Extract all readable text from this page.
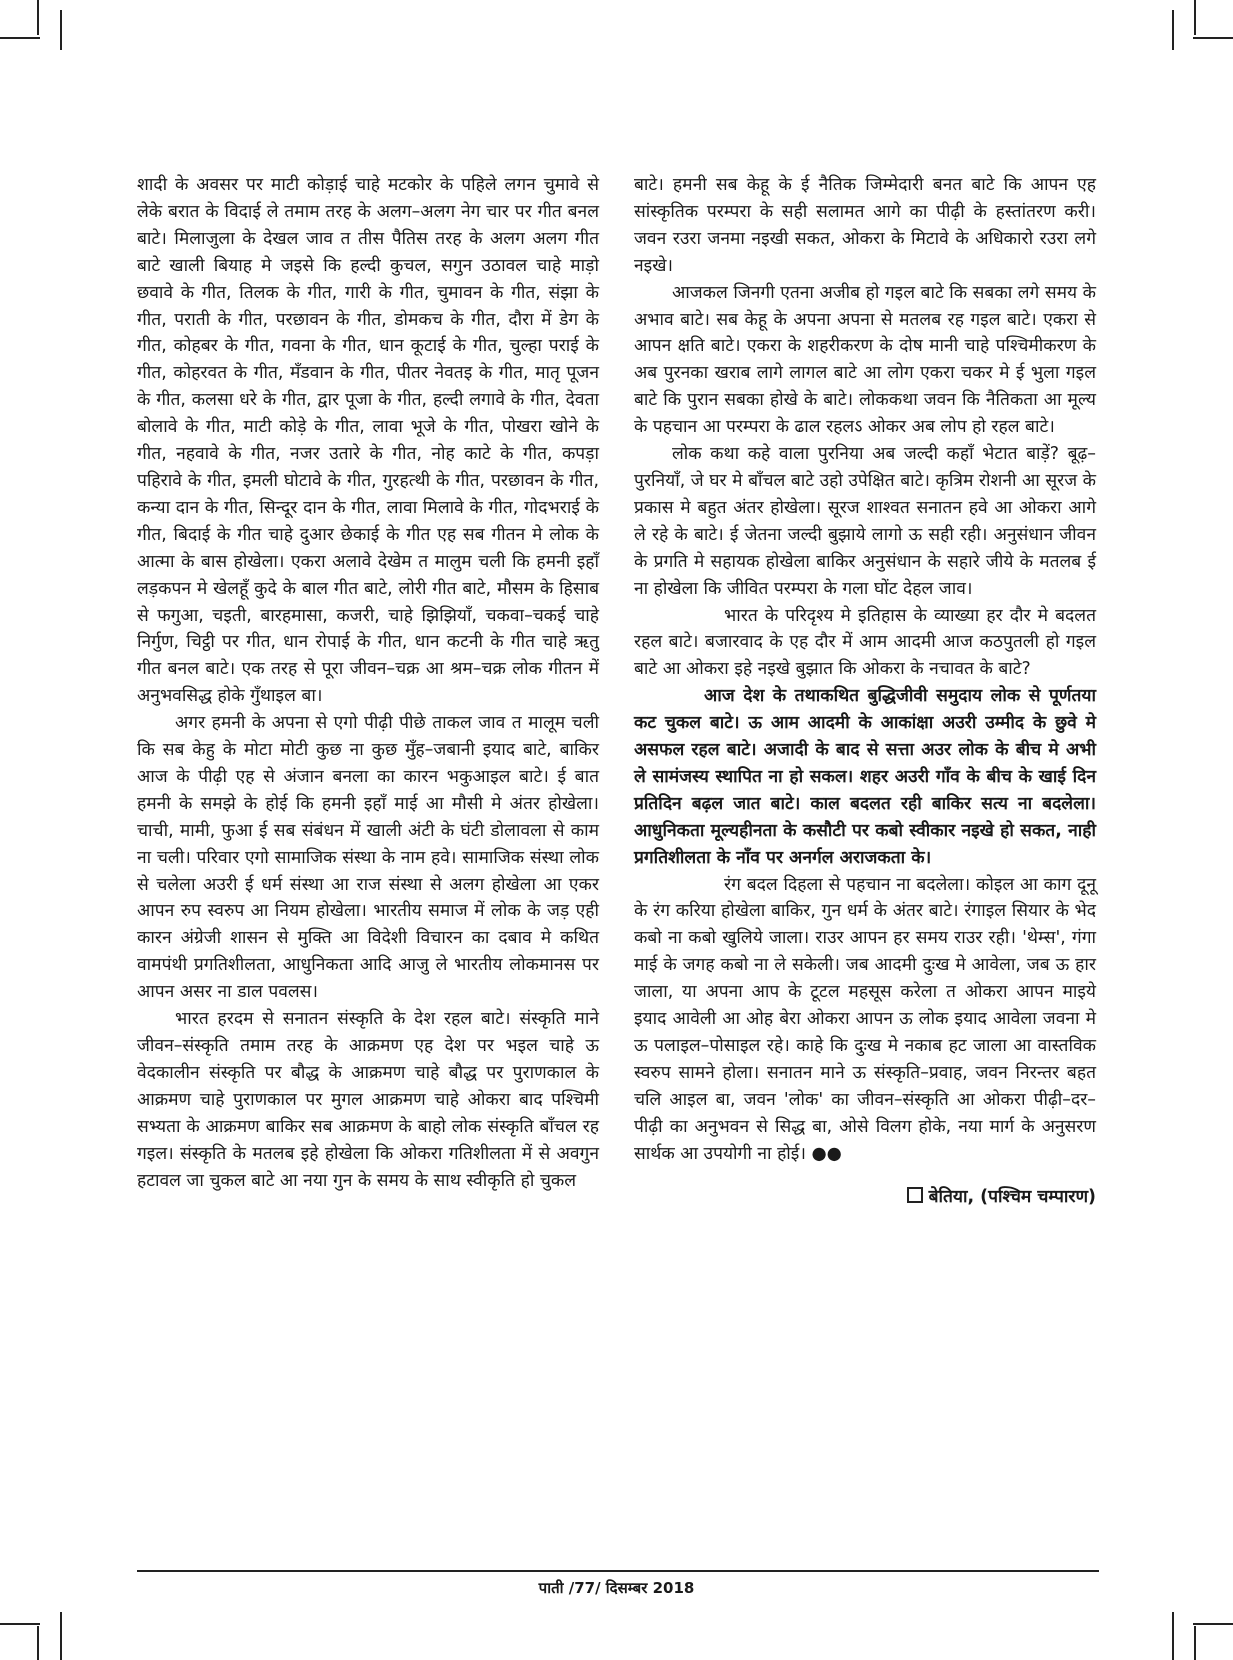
शादी के अवसर पर माटी कोड़ाई चाहे मटकोर के पहिले लगन चुमावे से लेके बरात के विदाई ले तमाम तरह के अलग–अलग नेग चार पर गीत बनल बाटे। मिलाजुला के देखल जाव त तीस पैतिस तरह के अलग अलग गीत बाटे खाली बियाह मे जइसे कि हल्दी कुचल, सगुन उठावल चाहे माड़ो छवावे के गीत, तिलक के गीत, गारी के गीत, चुमावन के गीत, संझा के गीत, पराती के गीत, परछावन के गीत, डोमकच के गीत, दौरा में डेग के गीत, कोहबर के गीत, गवना के गीत, धान कूटाई के गीत, चुल्हा पराई के गीत, कोहरवत के गीत, मँडवान के गीत, पीतर नेवतइ के गीत, मातृ पूजन के गीत, कलसा धरे के गीत, द्वार पूजा के गीत, हल्दी लगावे के गीत, देवता बोलावे के गीत, माटी कोड़े के गीत, लावा भूजे के गीत, पोखरा खोने के गीत, नहवावे के गीत, नजर उतारे के गीत, नोह काटे के गीत, कपड़ा पहिरावे के गीत, इमली घोटावे के गीत, गुरहत्थी के गीत, परछावन के गीत, कन्या दान के गीत, सिन्दूर दान के गीत, लावा मिलावे के गीत, गोदभराई के गीत, बिदाई के गीत चाहे दुआर छेकाई के गीत एह सब गीतन मे लोक के आत्मा के बास होखेला। एकरा अलावे देखेम त मालुम चली कि हमनी इहाँ लड़कपन मे खेलहूँ कुदे के बाल गीत बाटे, लोरी गीत बाटे, मौसम के हिसाब से फगुआ, चइती, बारहमासा, कजरी, चाहे झिझियाँ, चकवा–चकई चाहे निर्गुण, चिट्ठी पर गीत, धान रोपाई के गीत, धान कटनी के गीत चाहे ऋतु गीत बनल बाटे। एक तरह से पूरा जीवन–चक्र आ श्रम–चक्र लोक गीतन में अनुभवसिद्ध होके गुँथाइल बा।

अगर हमनी के अपना से एगो पीढ़ी पीछे ताकल जाव त मालूम चली कि सब केहु के मोटा मोटी कुछ ना कुछ मुँह–जबानी इयाद बाटे, बाकिर आज के पीढ़ी एह से अंजान बनला का कारन भकुआइल बाटे। ई बात हमनी के समझे के होई कि हमनी इहाँ माई आ मौसी मे अंतर होखेला। चाची, मामी, फुआ ई सब संबंधन में खाली अंटी के घंटी डोलावला से काम ना चली। परिवार एगो सामाजिक संस्था के नाम हवे। सामाजिक संस्था लोक से चलेला अउरी ई धर्म संस्था आ राज संस्था से अलग होखेला आ एकर आपन रुप स्वरुप आ नियम होखेला। भारतीय समाज में लोक के जड़ एही कारन अंग्रेजी शासन से मुक्ति आ विदेशी विचारन का दबाव मे कथित वामपंथी प्रगतिशीलता, आधुनिकता आदि आजु ले भारतीय लोकमानस पर आपन असर ना डाल पवलस।

भारत हरदम से सनातन संस्कृति के देश रहल बाटे। संस्कृति माने जीवन–संस्कृति तमाम तरह के आक्रमण एह देश पर भइल चाहे ऊ वेदकालीन संस्कृति पर बौद्ध के आक्रमण चाहे बौद्ध पर पुराणकाल के आक्रमण चाहे पुराणकाल पर मुगल आक्रमण चाहे ओकरा बाद पश्चिमी सभ्यता के आक्रमण बाकिर सब आक्रमण के बाहो लोक संस्कृति बाँचल रह गइल। संस्कृति के मतलब इहे होखेला कि ओकरा गतिशीलता में से अवगुन हटावल जा चुकल बाटे आ नया गुन के समय के साथ स्वीकृति हो चुकल

बाटे। हमनी सब केहू के ई नैतिक जिम्मेदारी बनत बाटे कि आपन एह सांस्कृतिक परम्परा के सही सलामत आगे का पीढ़ी के हस्तांतरण करी। जवन रउरा जनमा नइखी सकत, ओकरा के मिटावे के अधिकारो रउरा लगे नइखे।

आजकल जिनगी एतना अजीब हो गइल बाटे कि सबका लगे समय के अभाव बाटे। सब केहू के अपना अपना से मतलब रह गइल बाटे। एकरा से आपन क्षति बाटे। एकरा के शहरीकरण के दोष मानी चाहे पश्चिमीकरण के अब पुरनका खराब लागे लागल बाटे आ लोग एकरा चकर मे ई भुला गइल बाटे कि पुरान सबका होखे के बाटे। लोककथा जवन कि नैतिकता आ मूल्य के पहचान आ परम्परा के ढाल रहलऽ ओकर अब लोप हो रहल बाटे।

लोक कथा कहे वाला पुरनिया अब जल्दी कहाँ भेटात बाड़ें? बूढ़–पुरनियाँ, जे घर मे बाँचल बाटे उहो उपेक्षित बाटे। कृत्रिम रोशनी आ सूरज के प्रकास मे बहुत अंतर होखेला। सूरज शाश्वत सनातन हवे आ ओकरा आगे ले रहे के बाटे। ई जेतना जल्दी बुझाये लागो ऊ सही रही। अनुसंधान जीवन के प्रगति मे सहायक होखेला बाकिर अनुसंधान के सहारे जीये के मतलब ई ना होखेला कि जीवित परम्परा के गला घोंट देहल जाव।

भारत के परिदृश्य मे इतिहास के व्याख्या हर दौर मे बदलत रहल बाटे। बजारवाद के एह दौर में आम आदमी आज कठपुतली हो गइल बाटे आ ओकरा इहे नइखे बुझात कि ओकरा के नचावत के बाटे?

आज देश के तथाकथित बुद्धिजीवी समुदाय लोक से पूर्णतया कट चुकल बाटे। ऊ आम आदमी के आकांक्षा अउरी उम्मीद के छुवे मे असफल रहल बाटे। अजादी के बाद से सत्ता अउर लोक के बीच मे अभी ले सामंजस्य स्थापित ना हो सकल। शहर अउरी गाँव के बीच के खाई दिन प्रतिदिन बढ़ल जात बाटे। काल बदलत रही बाकिर सत्य ना बदलेला। आधुनिकता मूल्यहीनता के कसौटी पर कबो स्वीकार नइखे हो सकत, नाही प्रगतिशीलता के नाँव पर अनर्गल अराजकता के।

रंग बदल दिहला से पहचान ना बदलेला। कोइल आ काग दूनू के रंग करिया होखेला बाकिर, गुन धर्म के अंतर बाटे। रंगाइल सियार के भेद कबो ना कबो खुलिये जाला। राउर आपन हर समय राउर रही। 'थेम्स', गंगा माई के जगह कबो ना ले सकेली। जब आदमी दुःख मे आवेला, जब ऊ हार जाला, या अपना आप के टूटल महसूस करेला त ओकरा आपन माइये इयाद आवेली आ ओह बेरा ओकरा आपन ऊ लोक इयाद आवेला जवना मे ऊ पलाइल–पोसाइल रहे। काहे कि दुःख मे नकाब हट जाला आ वास्तविक स्वरुप सामने होला। सनातन माने ऊ संस्कृति–प्रवाह, जवन निरन्तर बहत चलि आइल बा, जवन 'लोक' का जीवन–संस्कृति आ ओकरा पीढ़ी–दर–पीढ़ी का अनुभवन से सिद्ध बा, ओसे विलग होके, नया मार्ग के अनुसरण सार्थक आ उपयोगी ना होई। ●●

बेतिया, (पश्चिम चम्पारण)

पाती /77/ दिसम्बर 2018
